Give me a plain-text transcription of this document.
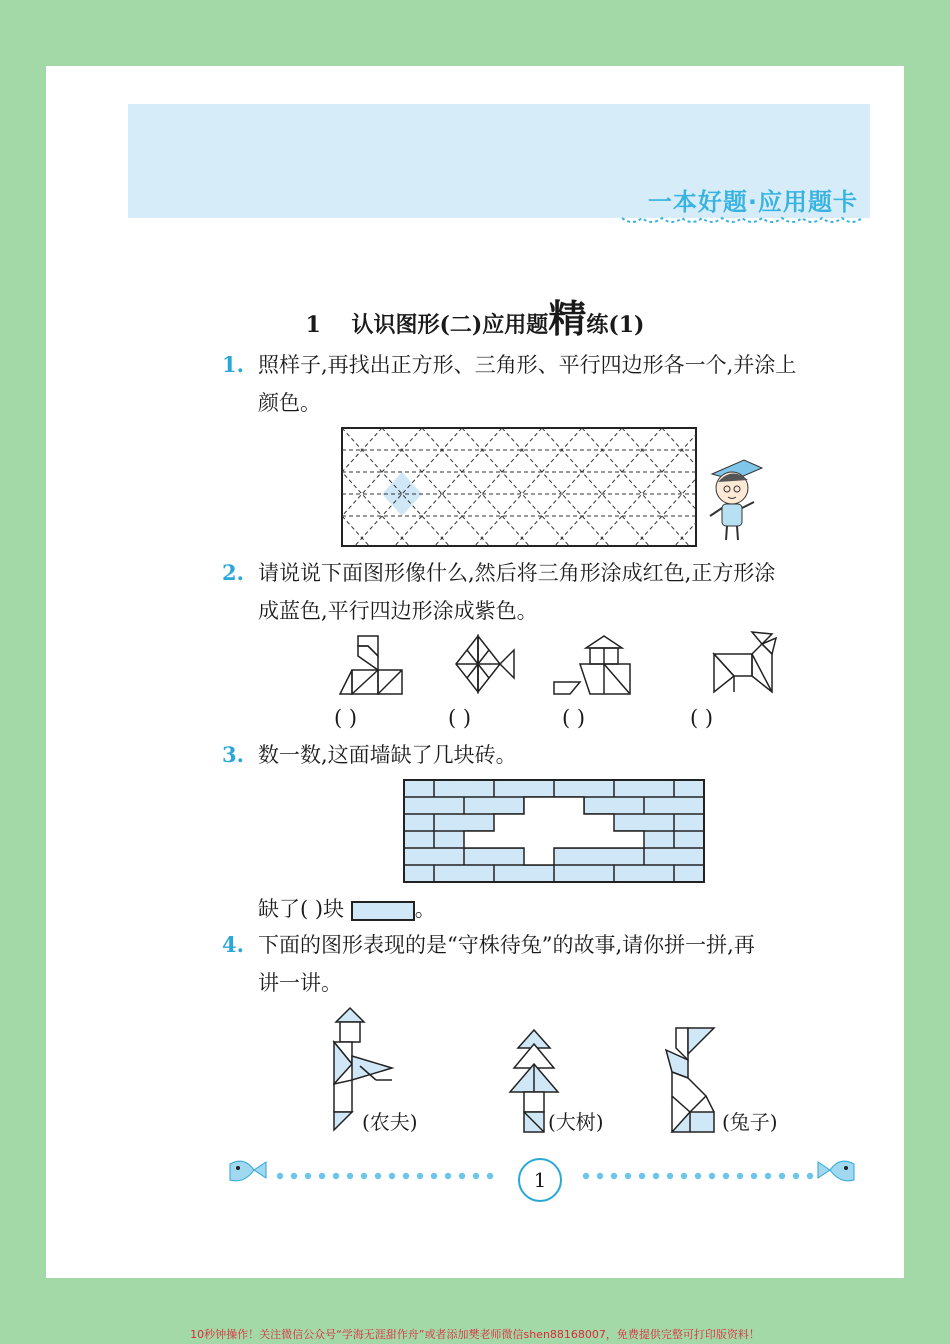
一本好题·应用题卡
1 认识图形(二)应用题精练(1)
1. 照样子,再找出正方形、三角形、平行四边形各一个,并涂上
颜色。
2. 请说说下面图形像什么,然后将三角形涂成红色,正方形涂
成蓝色,平行四边形涂成紫色。
( )	( )	( )	( )
3. 数一数,这面墙缺了几块砖。
缺了( )块	。
4. 下面的图形表现的是“守株待兔”的故事,请你拼一拼,再
讲一讲。
(农夫)	(大树)	(兔子)
1
10秒钟操作！关注微信公众号“学海无涯甜作舟”或者添加樊老师微信shen88168007，免费提供完整可打印版资料！
